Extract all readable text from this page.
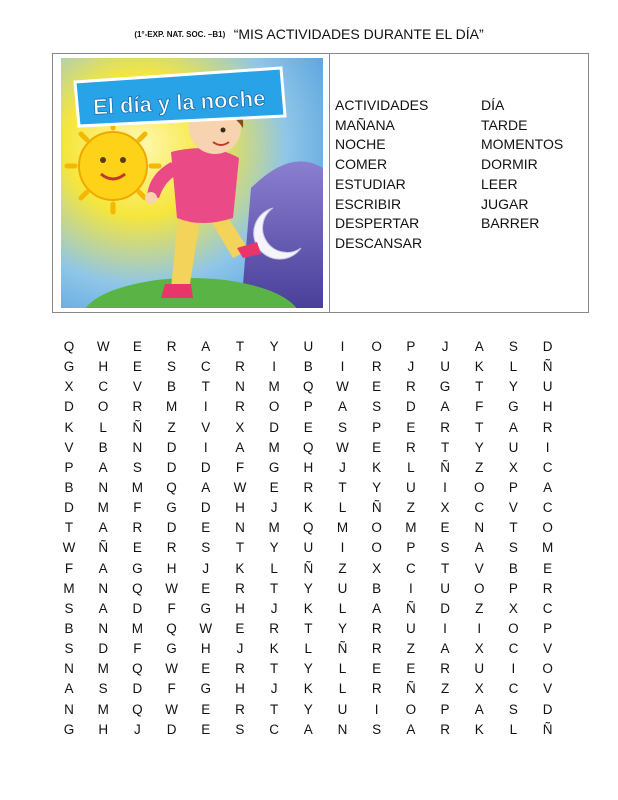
(1°-EXP. NAT. SOC. –B1) “MIS ACTIVIDADES DURANTE EL DÍA”
El día y la noche	ACTIVIDADES	DÍA
MAÑANA	TARDE
NOCHE	MOMENTOS
COMER	DORMIR
ESTUDIAR	LEER
ESCRIBIR	JUGAR
DESPERTAR	BARRER
DESCANSAR
Q	W	E	R	A	T	Y	U	I	O	P	J	A	S	D
G	H	E	S	C	R	I	B	I	R	J	U	K	L	Ñ
X	C	V	B	T	N	M	Q	W	E	R	G	T	Y	U
D	O	R	M	I	R	O	P	A	S	D	A	F	G	H
K	L	Ñ	Z	V	X	D	E	S	P	E	R	T	A	R
V	B	N	D	I	A	M	Q	W	E	R	T	Y	U	I
P	A	S	D	D	F	G	H	J	K	L	Ñ	Z	X	C
B	N	M	Q	A	W	E	R	T	Y	U	I	O	P	A
D	M	F	G	D	H	J	K	L	Ñ	Z	X	C	V	C
T	A	R	D	E	N	M	Q	M	O	M	E	N	T	O
W	Ñ	E	R	S	T	Y	U	I	O	P	S	A	S	M
F	A	G	H	J	K	L	Ñ	Z	X	C	T	V	B	E
M	N	Q	W	E	R	T	Y	U	B	I	U	O	P	R
S	A	D	F	G	H	J	K	L	A	Ñ	D	Z	X	C
B	N	M	Q	W	E	R	T	Y	R	U	I	I	O	P
S	D	F	G	H	J	K	L	Ñ	R	Z	A	X	C	V
N	M	Q	W	E	R	T	Y	L	E	E	R	U	I	O
A	S	D	F	G	H	J	K	L	R	Ñ	Z	X	C	V
N	M	Q	W	E	R	T	Y	U	I	O	P	A	S	D
G	H	J	D	E	S	C	A	N	S	A	R	K	L	Ñ
